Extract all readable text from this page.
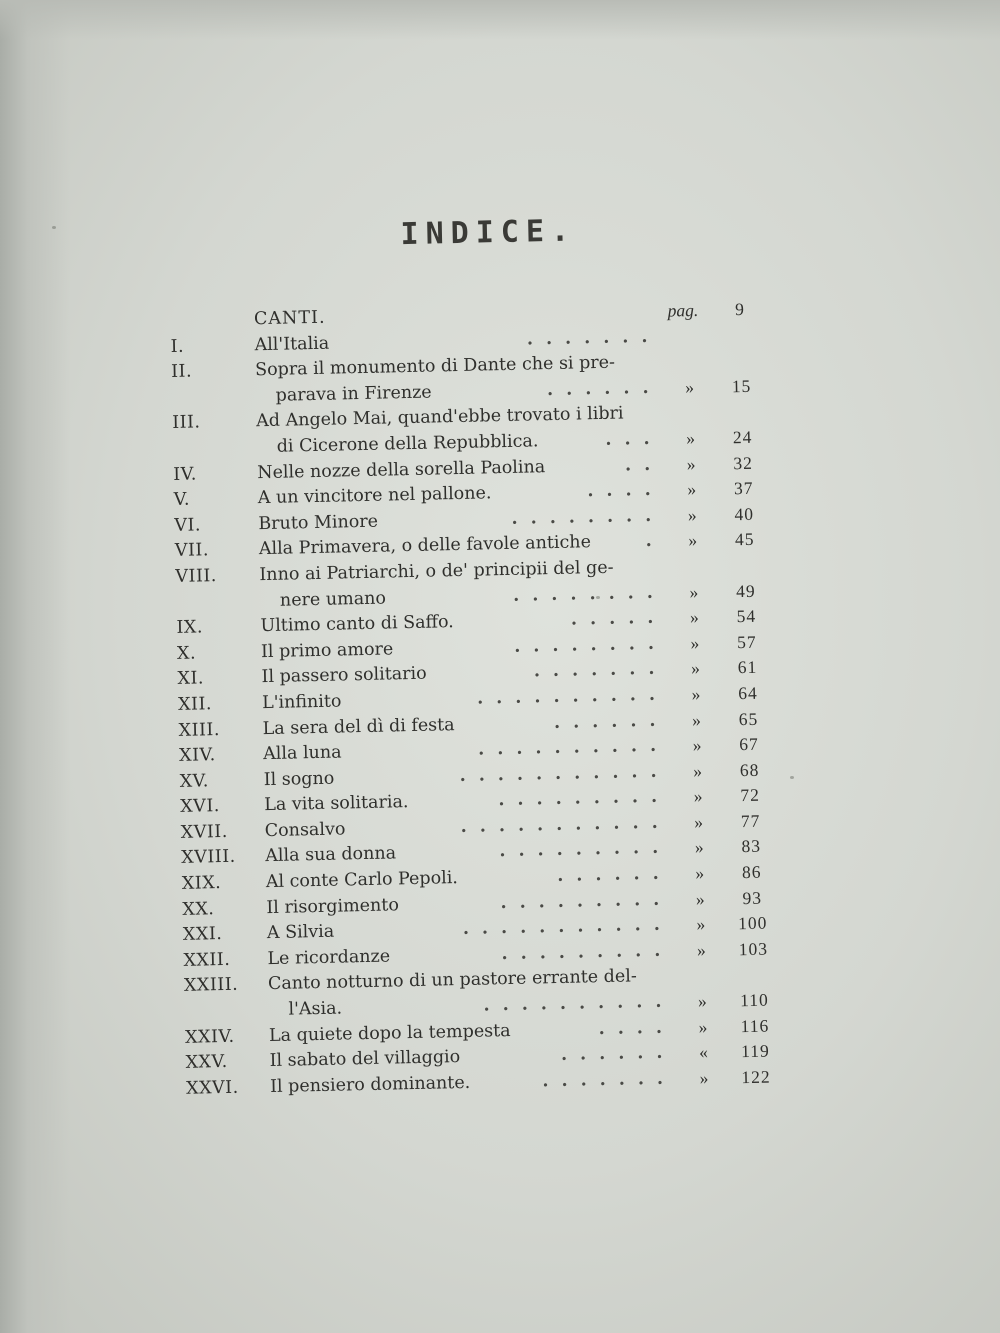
INDICE.
CANTI.	pag.	9
I.	All'Italia	.......
II.	Sopra il monumento di Dante che si pre-
parava in Firenze	......	»	15
III.	Ad Angelo Mai, quand'ebbe trovato i libri
di Cicerone della Repubblica.	...	»	24
IV.	Nelle nozze della sorella Paolina	..	»	32
V.	A un vincitore nel pallone.	....	»	37
VI.	Bruto Minore	........	»	40
VII.	Alla Primavera, o delle favole antiche	.	»	45
VIII.	Inno ai Patriarchi, o de' principii del ge-
nere umano	........	»	49
IX.	Ultimo canto di Saffo.	.....	»	54
X.	Il primo amore	........	»	57
XI.	Il passero solitario	.......	»	61
XII.	L'infinito	..........	»	64
XIII.	La sera del dì di festa	......	»	65
XIV.	Alla luna	..........	»	67
XV.	Il sogno	...........	»	68
XVI.	La vita solitaria.	.........	»	72
XVII.	Consalvo	...........	»	77
XVIII.	Alla sua donna	.........	»	83
XIX.	Al conte Carlo Pepoli.	......	»	86
XX.	Il risorgimento	.........	»	93
XXI.	A Silvia	...........	»	100
XXII.	Le ricordanze	.........	»	103
XXIII.	Canto notturno di un pastore errante del-
l'Asia.	..........	»	110
XXIV.	La quiete dopo la tempesta	....	»	116
XXV.	Il sabato del villaggio	......	«	119
XXVI.	Il pensiero dominante.	.......	»	122
